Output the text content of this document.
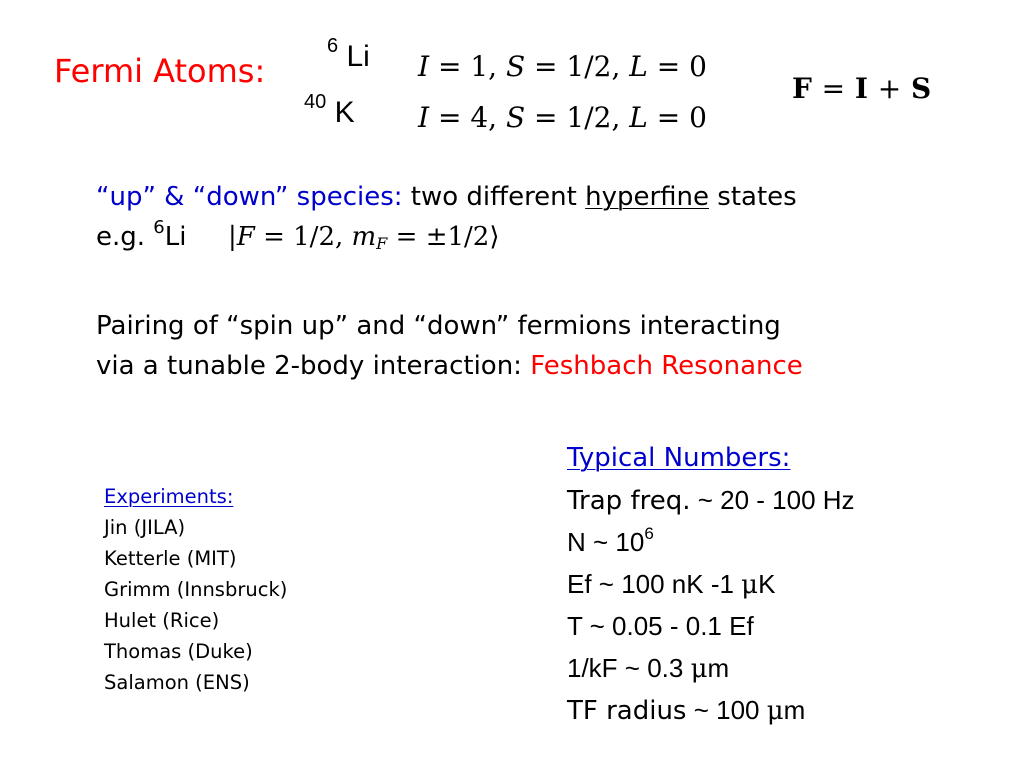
Fermi Atoms:
$^6$ Li I = 1, S = 1/2, L = 0
$^{40}$ K I = 4, S = 1/2, L = 0
F = I + S
“up” & “down” species: two different hyperfine states
e.g. $^6$Li |F = 1/2, $m_F$ = ±1/2⟩
Pairing of “spin up” and “down” fermions interacting
via a tunable 2-body interaction: Feshbach Resonance
Experiments:
Jin (JILA)
Ketterle (MIT)
Grimm (Innsbruck)
Hulet (Rice)
Thomas (Duke)
Salamon (ENS)
Typical Numbers:
Trap freq. ~ 20 - 100 Hz
N ~ $10^6$
Ef ~ 100 nK -1 μK
T ~ 0.05 - 0.1 Ef
1/kF ~ 0.3 μm
TF radius ~ 100 μm
